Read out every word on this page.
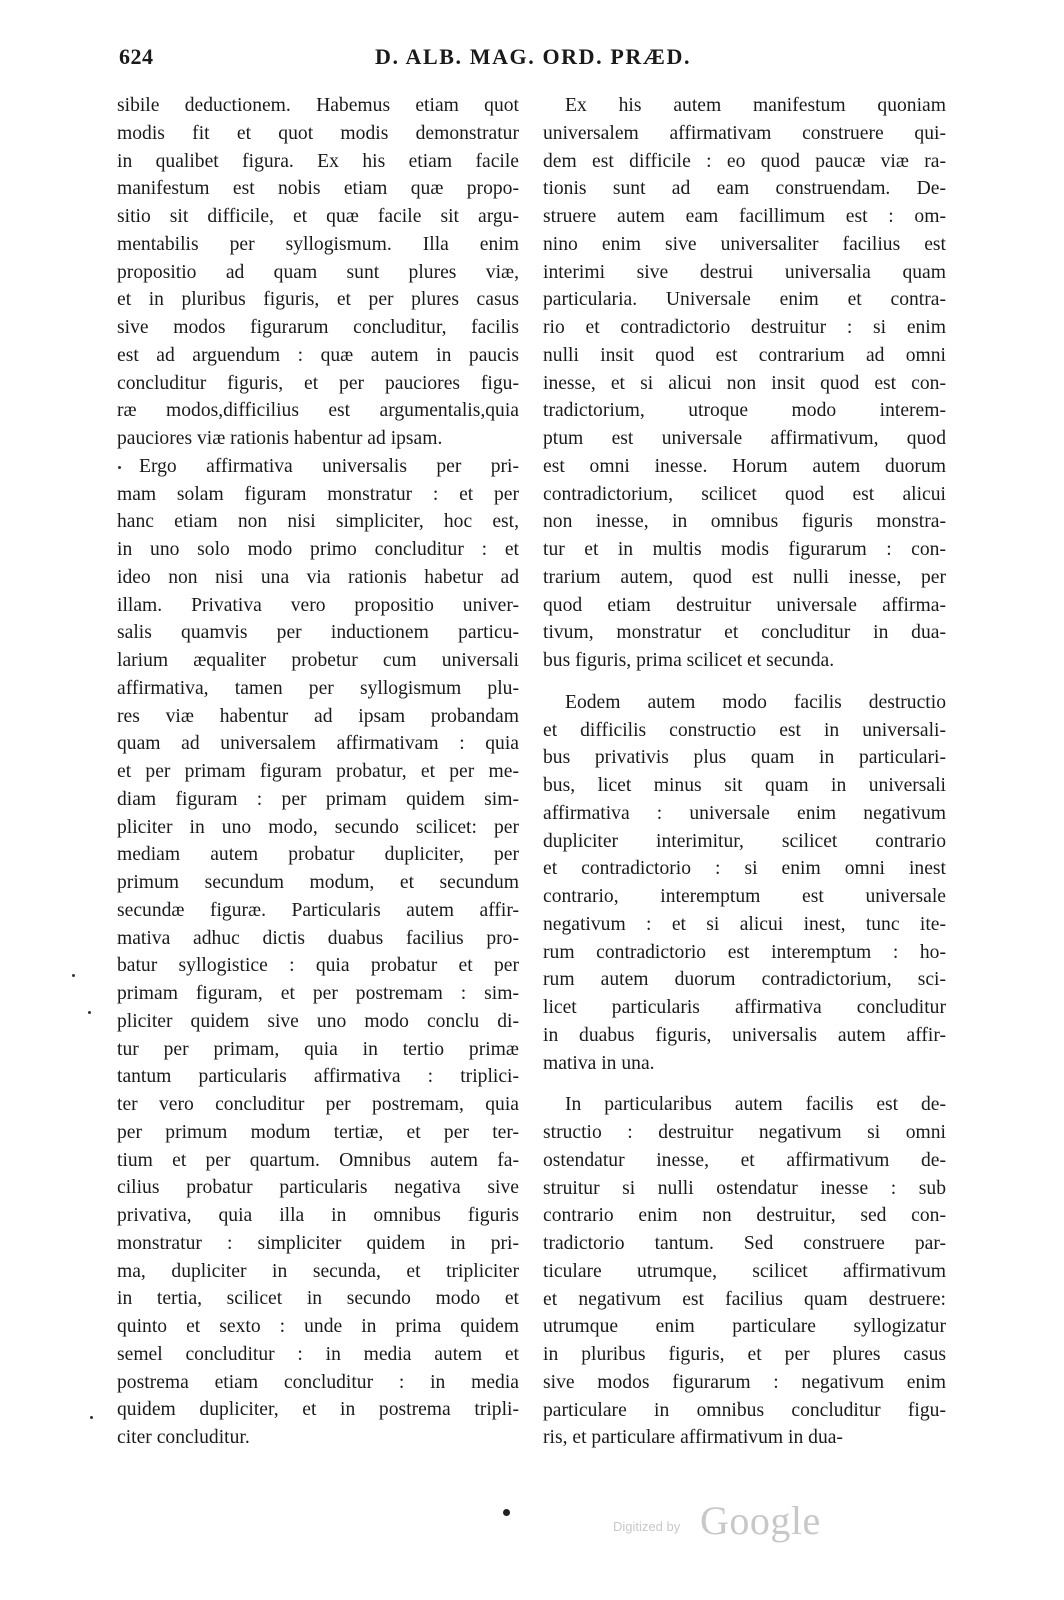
624	D. ALB. MAG. ORD. PRÆD.
sibile deductionem. Habemus etiam quot
modis fit et quot modis demonstratur
in qualibet figura. Ex his etiam facile
manifestum est nobis etiam quæ propo-
sitio sit difficile, et quæ facile sit argu-
mentabilis per syllogismum. Illa enim
propositio ad quam sunt plures viæ,
et in pluribus figuris, et per plures casus
sive modos figurarum concluditur, facilis
est ad arguendum : quæ autem in paucis
concluditur figuris, et per pauciores figu-
ræ modos,difficilius est argumentalis,quia
pauciores viæ rationis habentur ad ipsam.
Ergo affirmativa universalis per pri-
mam solam figuram monstratur : et per
hanc etiam non nisi simpliciter, hoc est,
in uno solo modo primo concluditur : et
ideo non nisi una via rationis habetur ad
illam. Privativa vero propositio univer-
salis quamvis per inductionem particu-
larium æqualiter probetur cum universali
affirmativa, tamen per syllogismum plu-
res viæ habentur ad ipsam probandam
quam ad universalem affirmativam : quia
et per primam figuram probatur, et per me-
diam figuram : per primam quidem sim-
pliciter in uno modo, secundo scilicet: per
mediam autem probatur dupliciter, per
primum secundum modum, et secundum
secundæ figuræ. Particularis autem affir-
mativa adhuc dictis duabus facilius pro-
batur syllogistice : quia probatur et per
primam figuram, et per postremam : sim-
pliciter quidem sive uno modo conclu di-
tur per primam, quia in tertio primæ
tantum particularis affirmativa : triplici-
ter vero concluditur per postremam, quia
per primum modum tertiæ, et per ter-
tium et per quartum. Omnibus autem fa-
cilius probatur particularis negativa sive
privativa, quia illa in omnibus figuris
monstratur : simpliciter quidem in pri-
ma, dupliciter in secunda, et tripliciter
in tertia, scilicet in secundo modo et
quinto et sexto : unde in prima quidem
semel concluditur : in media autem et
postrema etiam concluditur : in media
quidem dupliciter, et in postrema tripli-
citer concluditur.
Ex his autem manifestum quoniam
universalem affirmativam construere qui-
dem est difficile : eo quod paucæ viæ ra-
tionis sunt ad eam construendam. De-
struere autem eam facillimum est : om-
nino enim sive universaliter facilius est
interimi sive destrui universalia quam
particularia. Universale enim et contra-
rio et contradictorio destruitur : si enim
nulli insit quod est contrarium ad omni
inesse, et si alicui non insit quod est con-
tradictorium, utroque modo interem-
ptum est universale affirmativum, quod
est omni inesse. Horum autem duorum
contradictorium, scilicet quod est alicui
non inesse, in omnibus figuris monstra-
tur et in multis modis figurarum : con-
trarium autem, quod est nulli inesse, per
quod etiam destruitur universale affirma-
tivum, monstratur et concluditur in dua-
bus figuris, prima scilicet et secunda.
Eodem autem modo facilis destructio
et difficilis constructio est in universali-
bus privativis plus quam in particulari-
bus, licet minus sit quam in universali
affirmativa : universale enim negativum
dupliciter interimitur, scilicet contrario
et contradictorio : si enim omni inest
contrario, interemptum est universale
negativum : et si alicui inest, tunc ite-
rum contradictorio est interemptum : ho-
rum autem duorum contradictorium, sci-
licet particularis affirmativa concluditur
in duabus figuris, universalis autem affir-
mativa in una.
In particularibus autem facilis est de-
structio : destruitur negativum si omni
ostendatur inesse, et affirmativum de-
struitur si nulli ostendatur inesse : sub
contrario enim non destruitur, sed con-
tradictorio tantum. Sed construere par-
ticulare utrumque, scilicet affirmativum
et negativum est facilius quam destruere:
utrumque enim particulare syllogizatur
in pluribus figuris, et per plures casus
sive modos figurarum : negativum enim
particulare in omnibus concluditur figu-
ris, et particulare affirmativum in dua-
Digitized by Google
